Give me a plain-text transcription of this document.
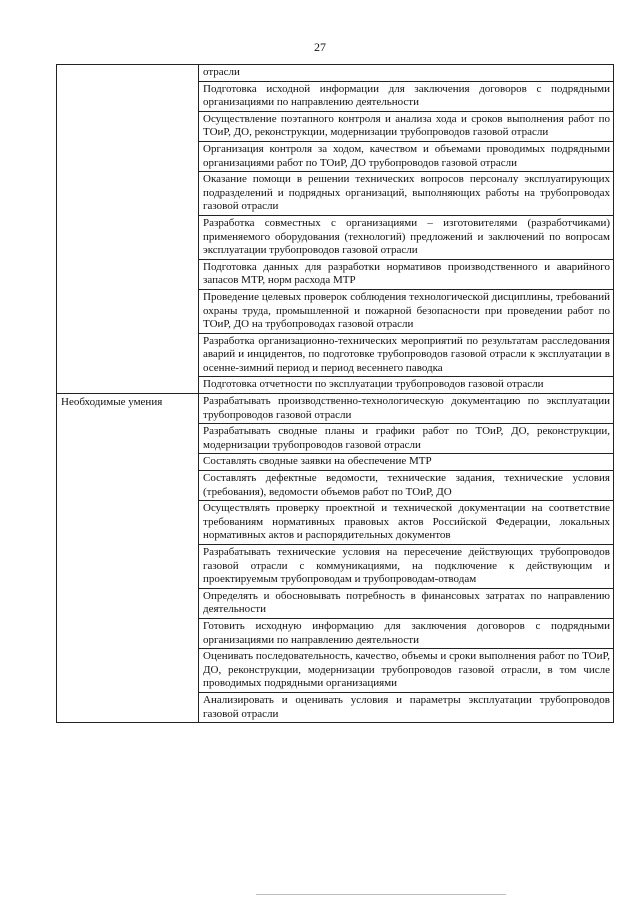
27
	отрасли
	Подготовка исходной информации для заключения договоров с подрядными организациями по направлению деятельности
	Осуществление поэтапного контроля и анализа хода и сроков выполнения работ по ТОиР, ДО, реконструкции, модернизации трубопроводов газовой отрасли
	Организация контроля за ходом, качеством и объемами проводимых подрядными организациями работ по ТОиР, ДО трубопроводов газовой отрасли
	Оказание помощи в решении технических вопросов персоналу эксплуатирующих подразделений и подрядных организаций, выполняющих работы на трубопроводах газовой отрасли
	Разработка совместных с организациями – изготовителями (разработчиками) применяемого оборудования (технологий) предложений и заключений по вопросам эксплуатации трубопроводов газовой отрасли
	Подготовка данных для разработки нормативов производственного и аварийного запасов МТР, норм расхода МТР
	Проведение целевых проверок соблюдения технологической дисциплины, требований охраны труда, промышленной и пожарной безопасности при проведении работ по ТОиР, ДО на трубопроводах газовой отрасли
	Разработка организационно-технических мероприятий по результатам расследования аварий и инцидентов, по подготовке трубопроводов газовой отрасли к эксплуатации в осенне-зимний период и период весеннего паводка
	Подготовка отчетности по эксплуатации трубопроводов газовой отрасли

Необходимые умения	Разрабатывать производственно-технологическую документацию по эксплуатации трубопроводов газовой отрасли
	Разрабатывать сводные планы и графики работ по ТОиР, ДО, реконструкции, модернизации трубопроводов газовой отрасли
	Составлять сводные заявки на обеспечение МТР
	Составлять дефектные ведомости, технические задания, технические условия (требования), ведомости объемов работ по ТОиР, ДО
	Осуществлять проверку проектной и технической документации на соответствие требованиям нормативных правовых актов Российской Федерации, локальных нормативных актов и распорядительных документов
	Разрабатывать технические условия на пересечение действующих трубопроводов газовой отрасли с коммуникациями, на подключение к действующим и проектируемым трубопроводам и трубопроводам-отводам
	Определять и обосновывать потребность в финансовых затратах по направлению деятельности
	Готовить исходную информацию для заключения договоров с подрядными организациями по направлению деятельности
	Оценивать последовательность, качество, объемы и сроки выполнения работ по ТОиР, ДО, реконструкции, модернизации трубопроводов газовой отрасли, в том числе проводимых подрядными организациями
	Анализировать и оценивать условия и параметры эксплуатации трубопроводов газовой отрасли
